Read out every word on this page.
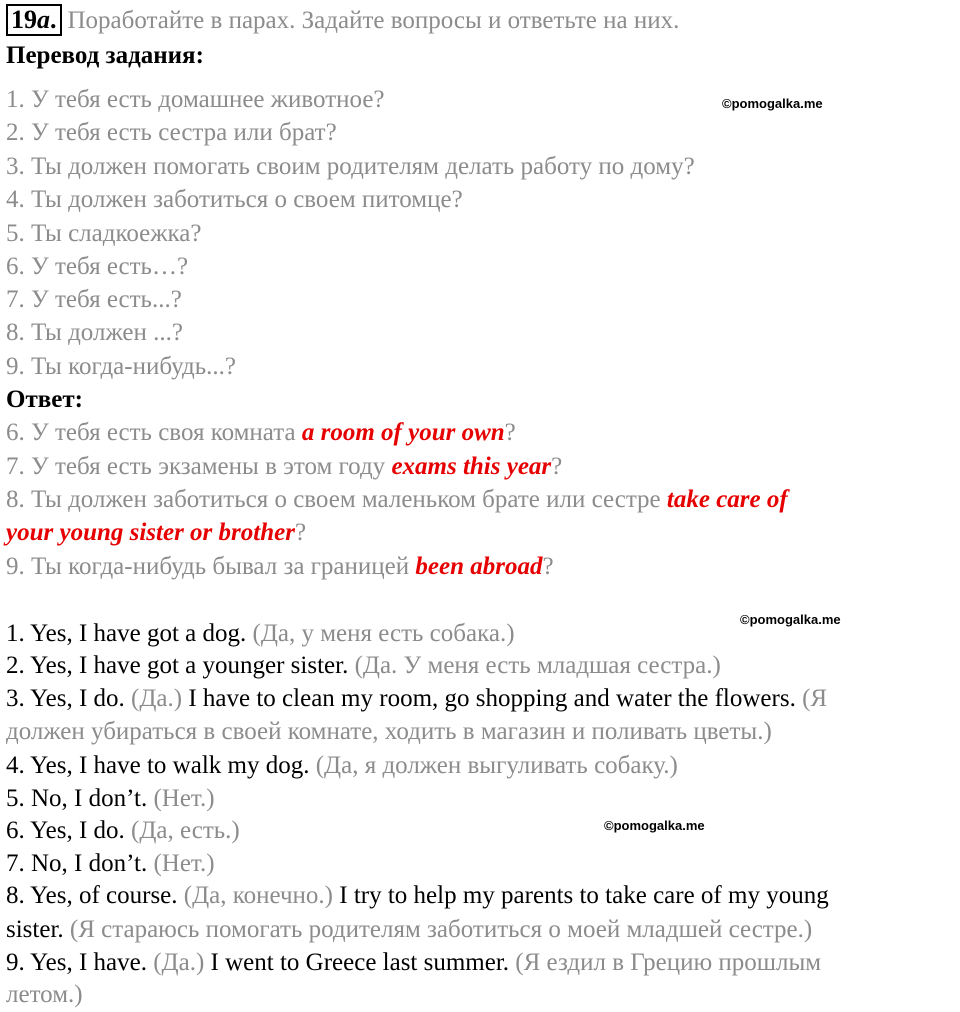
19a. Поработайте в парах. Задайте вопросы и ответьте на них.
Перевод задания:
1. У тебя есть домашнее животное?
2. У тебя есть сестра или брат?
3. Ты должен помогать своим родителям делать работу по дому?
4. Ты должен заботиться о своем питомце?
5. Ты сладкоежка?
6. У тебя есть…?
7. У тебя есть...?
8. Ты должен ...?
9. Ты когда-нибудь...?
Ответ:
6. У тебя есть своя комната a room of your own?
7. У тебя есть экзамены в этом году exams this year?
8. Ты должен заботиться о своем маленьком брате или сестре take care of
your young sister or brother?
9. Ты когда-нибудь бывал за границей been abroad?
1. Yes, I have got a dog. (Да, у меня есть собака.)
2. Yes, I have got a younger sister. (Да. У меня есть младшая сестра.)
3. Yes, I do. (Да.) I have to clean my room, go shopping and water the flowers. (Я
должен убираться в своей комнате, ходить в магазин и поливать цветы.)
4. Yes, I have to walk my dog. (Да, я должен выгуливать собаку.)
5. No, I don’t. (Нет.)
6. Yes, I do. (Да, есть.)
7. No, I don’t. (Нет.)
8. Yes, of course. (Да, конечно.) I try to help my parents to take care of my young
sister. (Я стараюсь помогать родителям заботиться о моей младшей сестре.)
9. Yes, I have. (Да.) I went to Greece last summer. (Я ездил в Грецию прошлым
летом.)
©pomogalka.me
©pomogalka.me
©pomogalka.me
